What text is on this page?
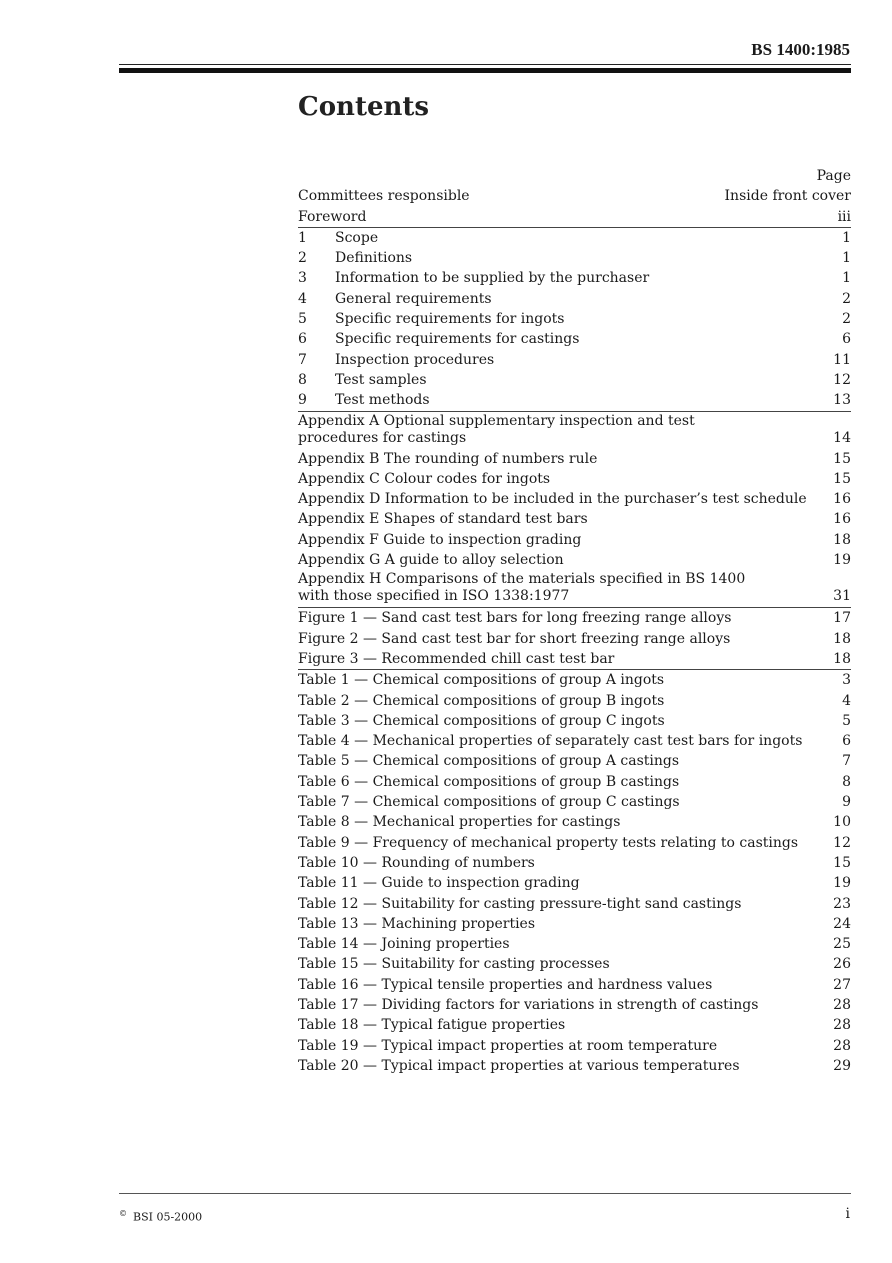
BS 1400:1985
Contents
Page
Committees responsible	Inside front cover
Foreword	iii
1 Scope	1
2 Definitions	1
3 Information to be supplied by the purchaser	1
4 General requirements	2
5 Specific requirements for ingots	2
6 Specific requirements for castings	6
7 Inspection procedures	11
8 Test samples	12
9 Test methods	13
Appendix A Optional supplementary inspection and test
procedures for castings	14
Appendix B The rounding of numbers rule	15
Appendix C Colour codes for ingots	15
Appendix D Information to be included in the purchaser’s test schedule	16
Appendix E Shapes of standard test bars	16
Appendix F Guide to inspection grading	18
Appendix G A guide to alloy selection	19
Appendix H Comparisons of the materials specified in BS 1400
with those specified in ISO 1338:1977	31
Figure 1 — Sand cast test bars for long freezing range alloys	17
Figure 2 — Sand cast test bar for short freezing range alloys	18
Figure 3 — Recommended chill cast test bar	18
Table 1 — Chemical compositions of group A ingots	3
Table 2 — Chemical compositions of group B ingots	4
Table 3 — Chemical compositions of group C ingots	5
Table 4 — Mechanical properties of separately cast test bars for ingots	6
Table 5 — Chemical compositions of group A castings	7
Table 6 — Chemical compositions of group B castings	8
Table 7 — Chemical compositions of group C castings	9
Table 8 — Mechanical properties for castings	10
Table 9 — Frequency of mechanical property tests relating to castings	12
Table 10 — Rounding of numbers	15
Table 11 — Guide to inspection grading	19
Table 12 — Suitability for casting pressure-tight sand castings	23
Table 13 — Machining properties	24
Table 14 — Joining properties	25
Table 15 — Suitability for casting processes	26
Table 16 — Typical tensile properties and hardness values	27
Table 17 — Dividing factors for variations in strength of castings	28
Table 18 — Typical fatigue properties	28
Table 19 — Typical impact properties at room temperature	28
Table 20 — Typical impact properties at various temperatures	29
© BSI 05-2000	i
